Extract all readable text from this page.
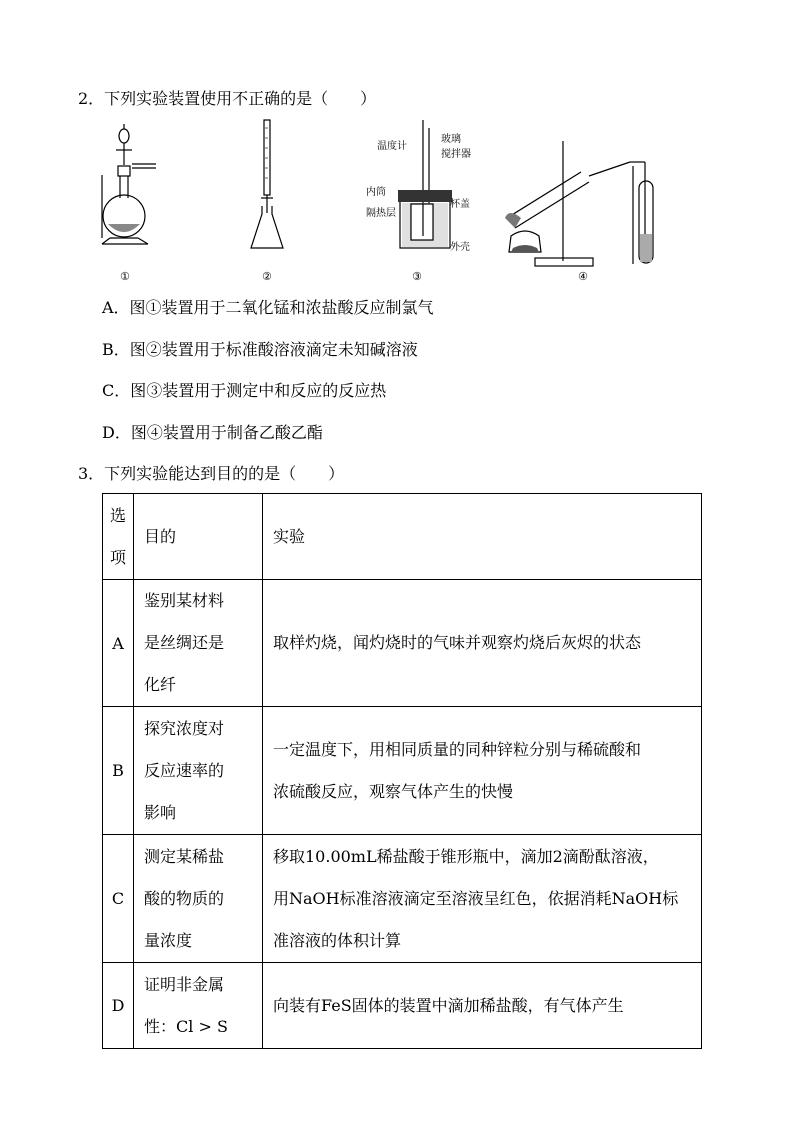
2．下列实验装置使用不正确的是（　　）
①	②
温度计
玻璃
搅拌器
内筒
杯盖
隔热层
外壳
③	④
A．图①装置用于二氧化锰和浓盐酸反应制氯气
B．图②装置用于标准酸溶液滴定未知碱溶液
C．图③装置用于测定中和反应的反应热
D．图④装置用于制备乙酸乙酯
3．下列实验能达到目的的是（　　）
选
项	目的	实验
A	鉴别某材料
是丝绸还是
化纤	取样灼烧，闻灼烧时的气味并观察灼烧后灰烬的状态
B	探究浓度对
反应速率的
影响	一定温度下，用相同质量的同种锌粒分别与稀硫酸和
浓硫酸反应，观察气体产生的快慢
C	测定某稀盐
酸的物质的
量浓度	移取10.00mL稀盐酸于锥形瓶中，滴加2滴酚酞溶液，
用NaOH标准溶液滴定至溶液呈红色，依据消耗NaOH标
准溶液的体积计算
D	证明非金属
性：Cl > S	向装有FeS固体的装置中滴加稀盐酸，有气体产生
